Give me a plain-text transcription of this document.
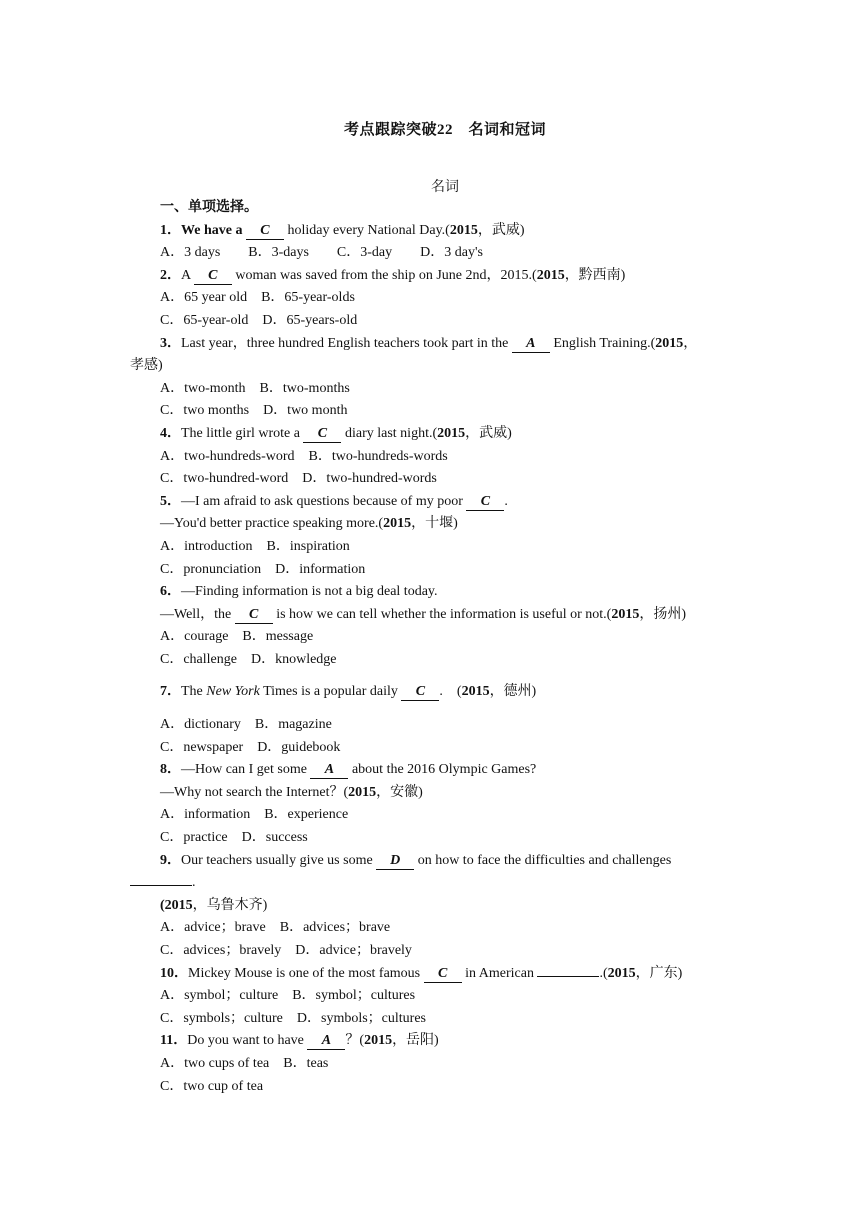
考点跟踪突破22　名词和冠词
名词
一、单项选择。
1．We have a C holiday every National Day.(2015，武威)
A．3 days　　B．3-days　　C．3-day　　D．3 day's
2．A C woman was saved from the ship on June 2nd，2015.(2015，黔西南)
A．65 year old　B．65-year-olds
C．65-year-old　D．65-years-old
3．Last year，three hundred English teachers took part in the A English Training.(2015，
孝感)
A．two-month　B．two-months
C．two months　D．two month
4．The little girl wrote a C diary last night.(2015，武威)
A．two-hundreds-word　B．two-hundreds-words
C．two-hundred-word　D．two-hundred-words
5．—I am afraid to ask questions because of my poor C .
—You'd better practice speaking more.(2015，十堰)
A．introduction　B．inspiration
C．pronunciation　D．information
6．—Finding information is not a big deal today.
—Well，the C is how we can tell whether the information is useful or not.(2015，扬州)
A．courage　B．message
C．challenge　D．knowledge
7．The New York Times is a popular daily C .　(2015，德州)
A．dictionary　B．magazine
C．newspaper　D．guidebook
8．—How can I get some A about the 2016 Olympic Games?
—Why not search the Internet？(2015，安徽)
A．information　B．experience
C．practice　D．success
9．Our teachers usually give us some D on how to face the difficulties and challenges
.
(2015，乌鲁木齐)
A．advice；brave　B．advices；brave
C．advices；bravely　D．advice；bravely
10．Mickey Mouse is one of the most famous C in American	.(2015，广东)
A．symbol；culture　B．symbol；cultures
C．symbols；culture　D．symbols；cultures
11．Do you want to have A ？(2015，岳阳)
A．two cups of tea　B．teas
C．two cup of tea
